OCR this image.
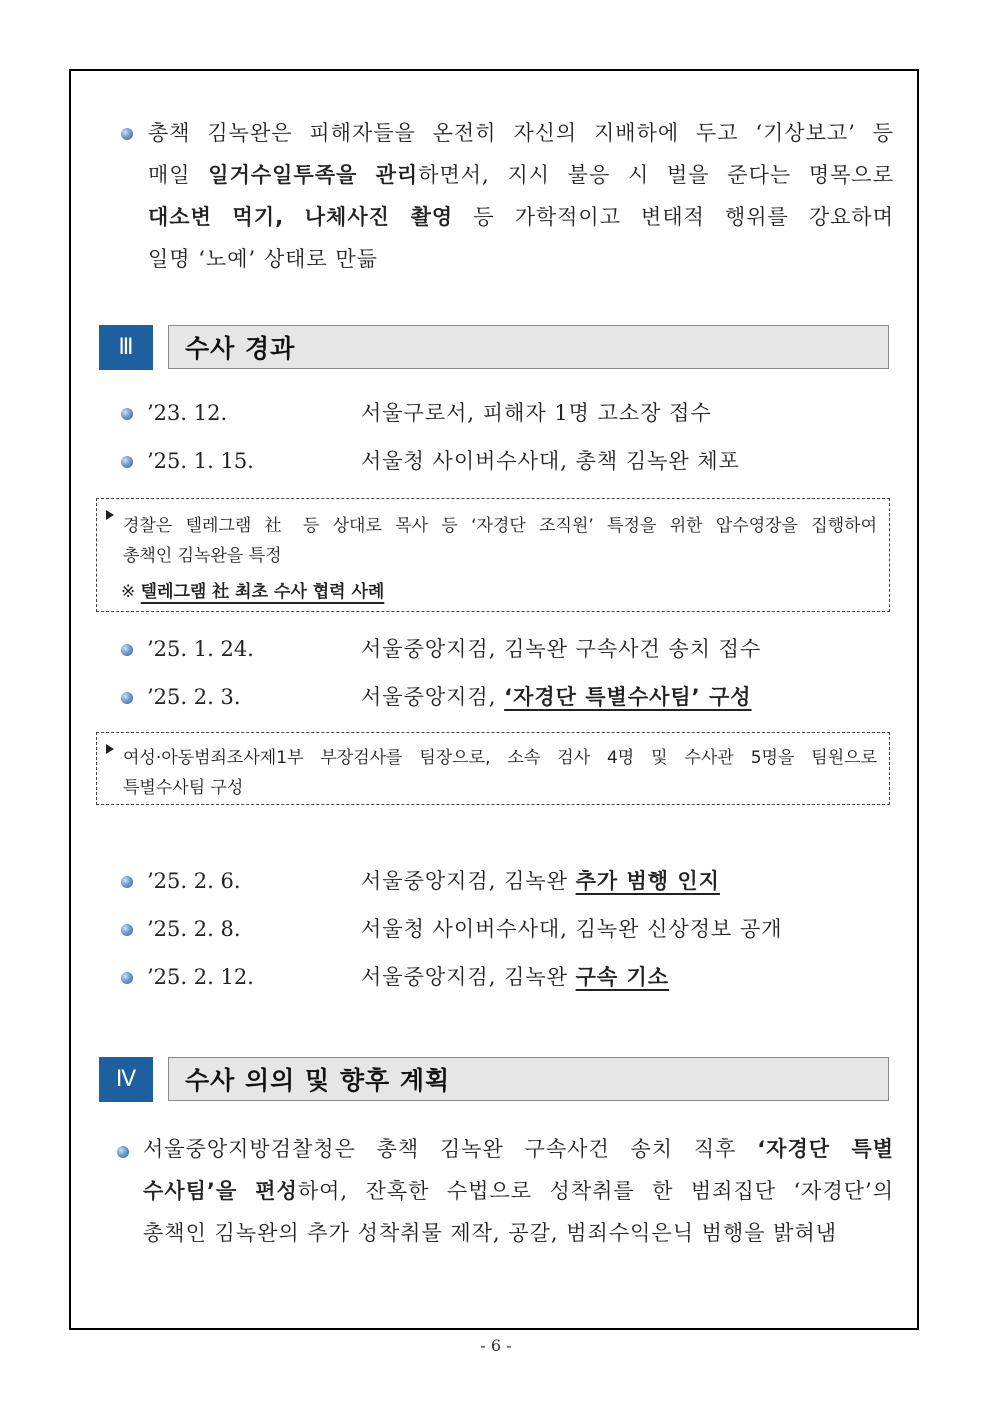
총책 김녹완은 피해자들을 온전히 자신의 지배하에 두고 ‘기상보고’ 등
매일 일거수일투족을 관리하면서, 지시 불응 시 벌을 준다는 명목으로
대소변 먹기, 나체사진 촬영 등 가학적이고 변태적 행위를 강요하며
일명 ‘노예’ 상태로 만듦
Ⅲ	수사 경과
’23. 12.	서울구로서, 피해자 1명 고소장 접수
’25. 1. 15.	서울청 사이버수사대, 총책 김녹완 체포
경찰은 텔레그램 社 등 상대로 목사 등 ‘자경단 조직원’ 특정을 위한 압수영장을 집행하여
총책인 김녹완을 특정
※ 텔레그램 社 최초 수사 협력 사례
’25. 1. 24.	서울중앙지검, 김녹완 구속사건 송치 접수
’25. 2. 3.	서울중앙지검, ‘자경단 특별수사팀’ 구성
여성·아동범죄조사제1부 부장검사를 팀장으로, 소속 검사 4명 및 수사관 5명을 팀원으로
특별수사팀 구성
’25. 2. 6.	서울중앙지검, 김녹완 추가 범행 인지
’25. 2. 8.	서울청 사이버수사대, 김녹완 신상정보 공개
’25. 2. 12.	서울중앙지검, 김녹완 구속 기소
Ⅳ	수사 의의 및 향후 계획
서울중앙지방검찰청은 총책 김녹완 구속사건 송치 직후 ‘자경단 특별
수사팀’을 편성하여, 잔혹한 수법으로 성착취를 한 범죄집단 ‘자경단’의
총책인 김녹완의 추가 성착취물 제작, 공갈, 범죄수익은닉 범행을 밝혀냄
- 6 -
